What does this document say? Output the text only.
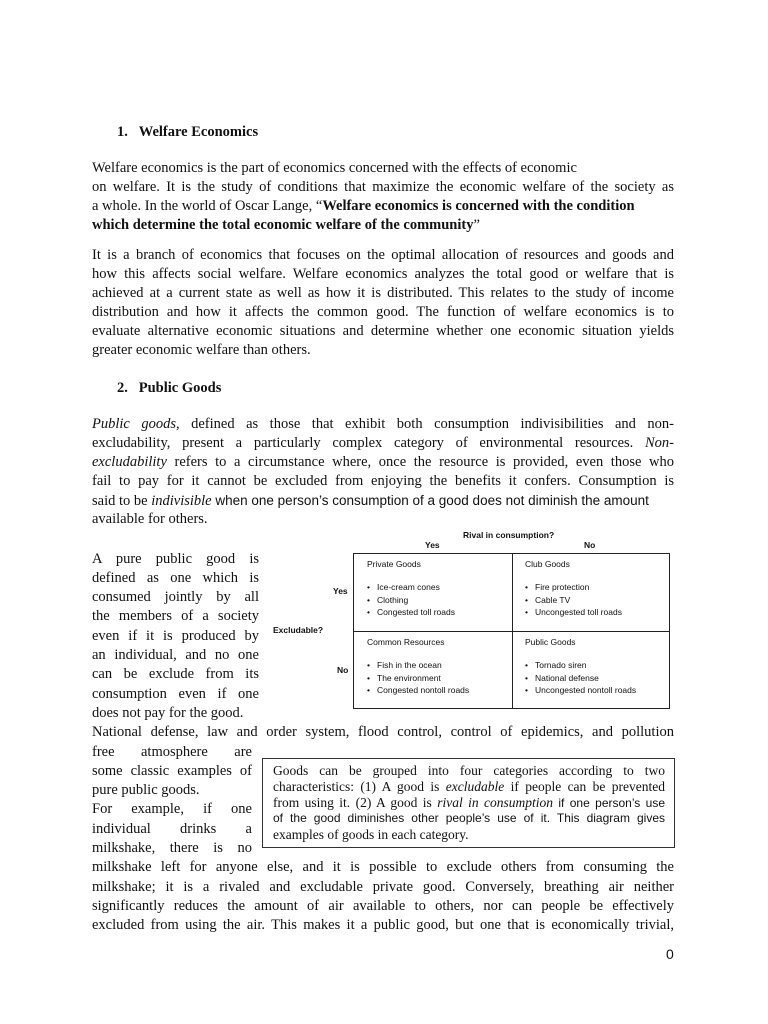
1.   Welfare Economics
Welfare economics is the part of economics concerned with the effects of economic
on welfare. It is the study of conditions that maximize the economic welfare of the society as
a whole. In the world of Oscar Lange, “Welfare economics is concerned with the condition
which determine the total economic welfare of the community”
It is a branch of economics that focuses on the optimal allocation of resources and goods and
how this affects social welfare. Welfare economics analyzes the total good or welfare that is
achieved at a current state as well as how it is distributed. This relates to the study of income
distribution and how it affects the common good. The function of welfare economics is to
evaluate alternative economic situations and determine whether one economic situation yields
greater economic welfare than others.
2.   Public Goods
Public goods, defined as those that exhibit both consumption indivisibilities and non-
excludability, present a particularly complex category of environmental resources. Non-
excludability refers to a circumstance where, once the resource is provided, even those who
fail to pay for it cannot be excluded from enjoying the benefits it confers. Consumption is
said to be indivisible when one person’s consumption of a good does not diminish the amount
available for others.
A pure public good is
defined as one which is
consumed jointly by all
the members of a society
even if it is produced by
an individual, and no one
can be exclude from its
consumption even if one
does not pay for the good.
National defense, law and order system, flood control, control of epidemics, and pollution
free atmosphere are
some classic examples of
pure public goods.
For example, if one
individual drinks a
milkshake, there is no
milkshake left for anyone else, and it is possible to exclude others from consuming the
milkshake; it is a rivaled and excludable private good. Conversely, breathing air neither
significantly reduces the amount of air available to others, nor can people be effectively
excluded from using the air. This makes it a public good, but one that is economically trivial,
Rival in consumption?
Yes	No
Yes
Excludable?
No
Private Goods
• Ice-cream cones
• Clothing
• Congested toll roads
Club Goods
• Fire protection
• Cable TV
• Uncongested toll roads
Common Resources
• Fish in the ocean
• The environment
• Congested nontoll roads
Public Goods
• Tornado siren
• National defense
• Uncongested nontoll roads
Goods can be grouped into four categories according to two
characteristics: (1) A good is excludable if people can be prevented
from using it. (2) A good is rival in consumption if one person’s use
of the good diminishes other people’s use of it. This diagram gives
examples of goods in each category.
0
